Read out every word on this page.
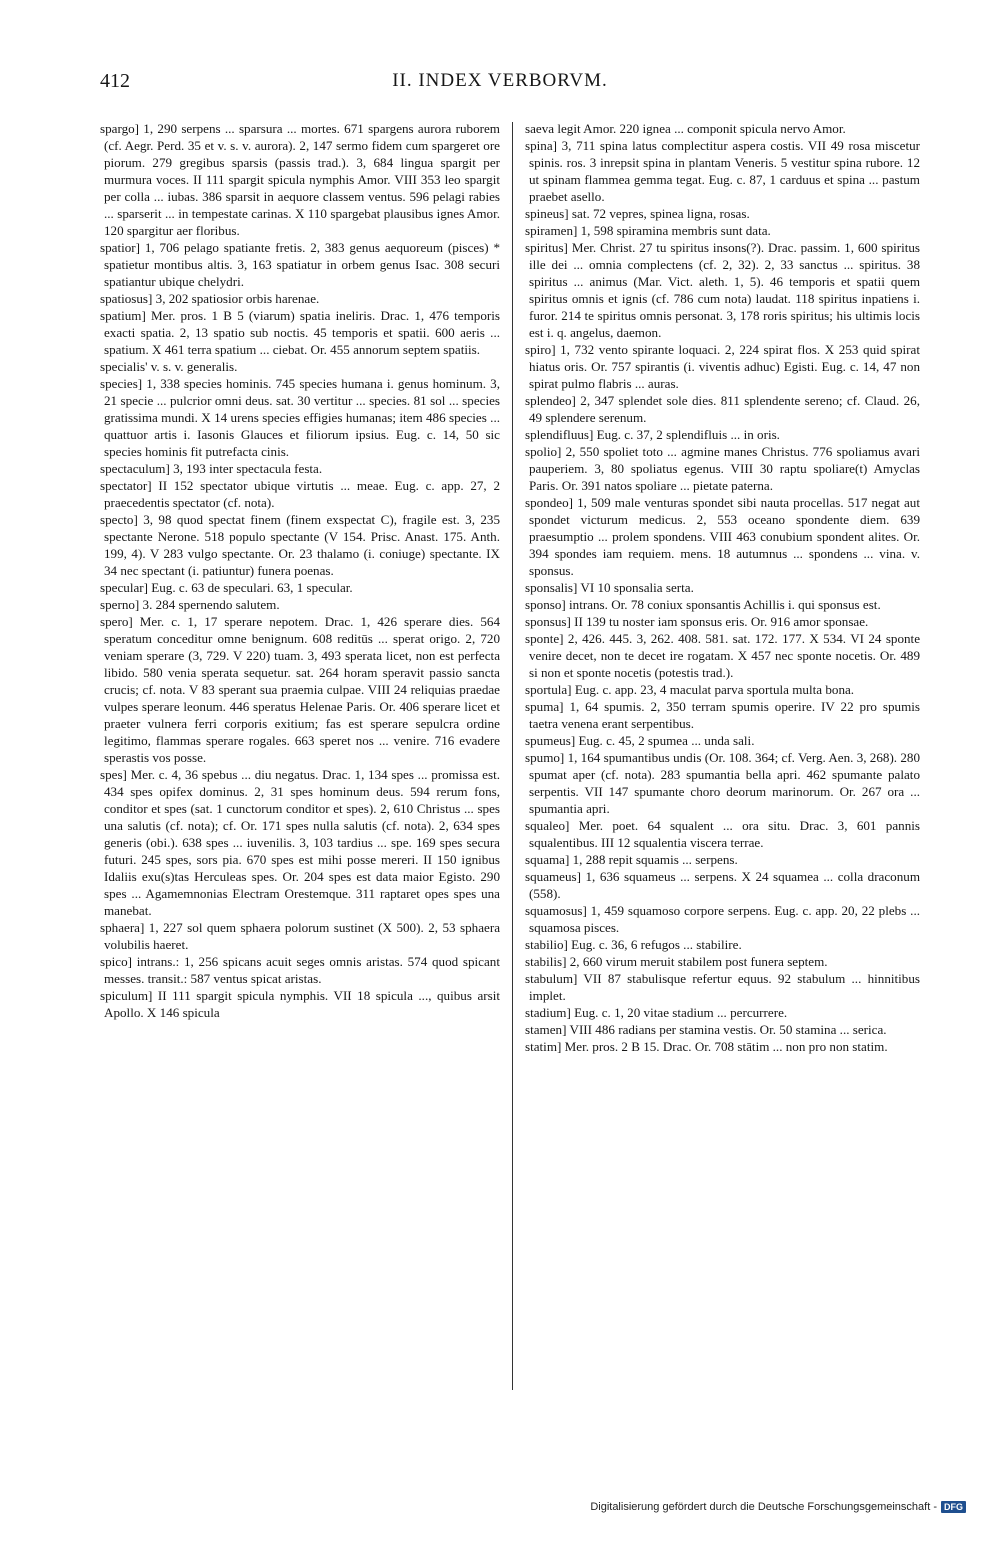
412	II. INDEX VERBORVM.

spargo] 1, 290 serpens ... sparsura ... mortes. 671 spargens aurora ruborem (cf. Aegr. Perd. 35 et v. s. v. aurora). 2, 147 sermo fidem cum spargeret ore piorum. 279 gregibus sparsis (passis trad.). 3, 684 lingua spargit per murmura voces. II 111 spargit spicula nymphis Amor. VIII 353 leo spargit per colla ... iubas. 386 sparsit in aequore classem ventus. 596 pelagi rabies ... sparserit ... in tempestate carinas. X 110 spargebat plausibus ignes Amor. 120 spargitur aer floribus.

spatior] 1, 706 pelago spatiante fretis. 2, 383 genus aequoreum (pisces) * spatietur montibus altis. 3, 163 spatiatur in orbem genus Isac. 308 securi spatiantur ubique chelydri.

spatiosus] 3, 202 spatiosior orbis harenae.

spatium] Mer. pros. 1 B 5 (viarum) spatia ineliris. Drac. 1, 476 temporis exacti spatia. 2, 13 spatio sub noctis. 45 temporis et spatii. 600 aeris ... spatium. X 461 terra spatium ... ciebat. Or. 455 annorum septem spatiis.

specialis' v. s. v. generalis.

species] 1, 338 species hominis. 745 species humana i. genus hominum. 3, 21 specie ... pulcrior omni deus. sat. 30 vertitur ... species. 81 sol ... species gratissima mundi. X 14 urens species effigies humanas; item 486 species ... quattuor artis i. Iasonis Glauces et filiorum ipsius. Eug. c. 14, 50 sic species hominis fit putrefacta cinis.

spectaculum] 3, 193 inter spectacula festa.

spectator] II 152 spectator ubique virtutis ... meae. Eug. c. app. 27, 2 praecedentis spectator (cf. nota).

specto] 3, 98 quod spectat finem (finem exspectat C), fragile est. 3, 235 spectante Nerone. 518 populo spectante (V 154. Prisc. Anast. 175. Anth. 199, 4). V 283 vulgo spectante. Or. 23 thalamo (i. coniuge) spectante. IX 34 nec spectant (i. patiuntur) funera poenas.

specular] Eug. c. 63 de speculari. 63, 1 specular.

sperno] 3. 284 spernendo salutem.

spero] Mer. c. 1, 17 sperare nepotem. Drac. 1, 426 sperare dies. 564 speratum conceditur omne benignum. 608 reditūs ... sperat origo. 2, 720 veniam sperare (3, 729. V 220) tuam. 3, 493 sperata licet, non est perfecta libido. 580 venia sperata sequetur. sat. 264 horam speravit passio sancta crucis; cf. nota. V 83 sperant sua praemia culpae. VIII 24 reliquias praedae vulpes sperare leonum. 446 speratus Helenae Paris. Or. 406 sperare licet et praeter vulnera ferri corporis exitium; fas est sperare sepulcra ordine legitimo, flammas sperare rogales. 663 speret nos ... venire. 716 evadere sperastis vos posse.

spes] Mer. c. 4, 36 spebus ... diu negatus. Drac. 1, 134 spes ... promissa est. 434 spes opifex dominus. 2, 31 spes hominum deus. 594 rerum fons, conditor et spes (sat. 1 cunctorum conditor et spes). 2, 610 Christus ... spes una salutis (cf. nota); cf. Or. 171 spes nulla salutis (cf. nota). 2, 634 spes generis (obi.). 638 spes ... iuvenilis. 3, 103 tardius ... spe. 169 spes secura futuri. 245 spes, sors pia. 670 spes est mihi posse mereri. II 150 ignibus Idaliis exu(s)tas Herculeas spes. Or. 204 spes est data maior Egisto. 290 spes ... Agamemnonias Electram Orestemque. 311 raptaret opes spes una manebat.

sphaera] 1, 227 sol quem sphaera polorum sustinet (X 500). 2, 53 sphaera volubilis haeret.

spico] intrans.: 1, 256 spicans acuit seges omnis aristas. 574 quod spicant messes. transit.: 587 ventus spicat aristas.

spiculum] II 111 spargit spicula nymphis. VII 18 spicula ..., quibus arsit Apollo. X 146 spicula

saeva legit Amor. 220 ignea ... componit spicula nervo Amor.

spina] 3, 711 spina latus complectitur aspera costis. VII 49 rosa miscetur spinis. ros. 3 inrepsit spina in plantam Veneris. 5 vestitur spina rubore. 12 ut spinam flammea gemma tegat. Eug. c. 87, 1 carduus et spina ... pastum praebet asello.

spineus] sat. 72 vepres, spinea ligna, rosas.

spiramen] 1, 598 spiramina membris sunt data.

spiritus] Mer. Christ. 27 tu spiritus insons(?). Drac. passim. 1, 600 spiritus ille dei ... omnia complectens (cf. 2, 32). 2, 33 sanctus ... spiritus. 38 spiritus ... animus (Mar. Vict. aleth. 1, 5). 46 temporis et spatii quem spiritus omnis et ignis (cf. 786 cum nota) laudat. 118 spiritus inpatiens i. furor. 214 te spiritus omnis personat. 3, 178 roris spiritus; his ultimis locis est i. q. angelus, daemon.

spiro] 1, 732 vento spirante loquaci. 2, 224 spirat flos. X 253 quid spirat hiatus oris. Or. 757 spirantis (i. viventis adhuc) Egisti. Eug. c. 14, 47 non spirat pulmo flabris ... auras.

splendeo] 2, 347 splendet sole dies. 811 splendente sereno; cf. Claud. 26, 49 splendere serenum.

splendifluus] Eug. c. 37, 2 splendifluis ... in oris.

spolio] 2, 550 spoliet toto ... agmine manes Christus. 776 spoliamus avari pauperiem. 3, 80 spoliatus egenus. VIII 30 raptu spoliare(t) Amyclas Paris. Or. 391 natos spoliare ... pietate paterna.

spondeo] 1, 509 male venturas spondet sibi nauta procellas. 517 negat aut spondet victurum medicus. 2, 553 oceano spondente diem. 639 praesumptio ... prolem spondens. VIII 463 conubium spondent alites. Or. 394 spondes iam requiem. mens. 18 autumnus ... spondens ... vina. v. sponsus.

sponsalis] VI 10 sponsalia serta.

sponso] intrans. Or. 78 coniux sponsantis Achillis i. qui sponsus est.

sponsus] II 139 tu noster iam sponsus eris. Or. 916 amor sponsae.

sponte] 2, 426. 445. 3, 262. 408. 581. sat. 172. 177. X 534. VI 24 sponte venire decet, non te decet ire rogatam. X 457 nec sponte nocetis. Or. 489 si non et sponte nocetis (potestis trad.).

sportula] Eug. c. app. 23, 4 maculat parva sportula multa bona.

spuma] 1, 64 spumis. 2, 350 terram spumis operire. IV 22 pro spumis taetra venena erant serpentibus.

spumeus] Eug. c. 45, 2 spumea ... unda sali.

spumo] 1, 164 spumantibus undis (Or. 108. 364; cf. Verg. Aen. 3, 268). 280 spumat aper (cf. nota). 283 spumantia bella apri. 462 spumante palato serpentis. VII 147 spumante choro deorum marinorum. Or. 267 ora ... spumantia apri.

squaleo] Mer. poet. 64 squalent ... ora situ. Drac. 3, 601 pannis squalentibus. III 12 squalentia viscera terrae.

squama] 1, 288 repit squamis ... serpens.

squameus] 1, 636 squameus ... serpens. X 24 squamea ... colla draconum (558).

squamosus] 1, 459 squamoso corpore serpens. Eug. c. app. 20, 22 plebs ... squamosa pisces.

stabilio] Eug. c. 36, 6 refugos ... stabilire.

stabilis] 2, 660 virum meruit stabilem post funera septem.

stabulum] VII 87 stabulisque refertur equus. 92 stabulum ... hinnitibus implet.

stadium] Eug. c. 1, 20 vitae stadium ... percurrere.

stamen] VIII 486 radians per stamina vestis. Or. 50 stamina ... serica.

statim] Mer. pros. 2 B 15. Drac. Or. 708 stātim ... non pro non statim.

Digitalisierung gefördert durch die Deutsche Forschungsgemeinschaft - DFG
